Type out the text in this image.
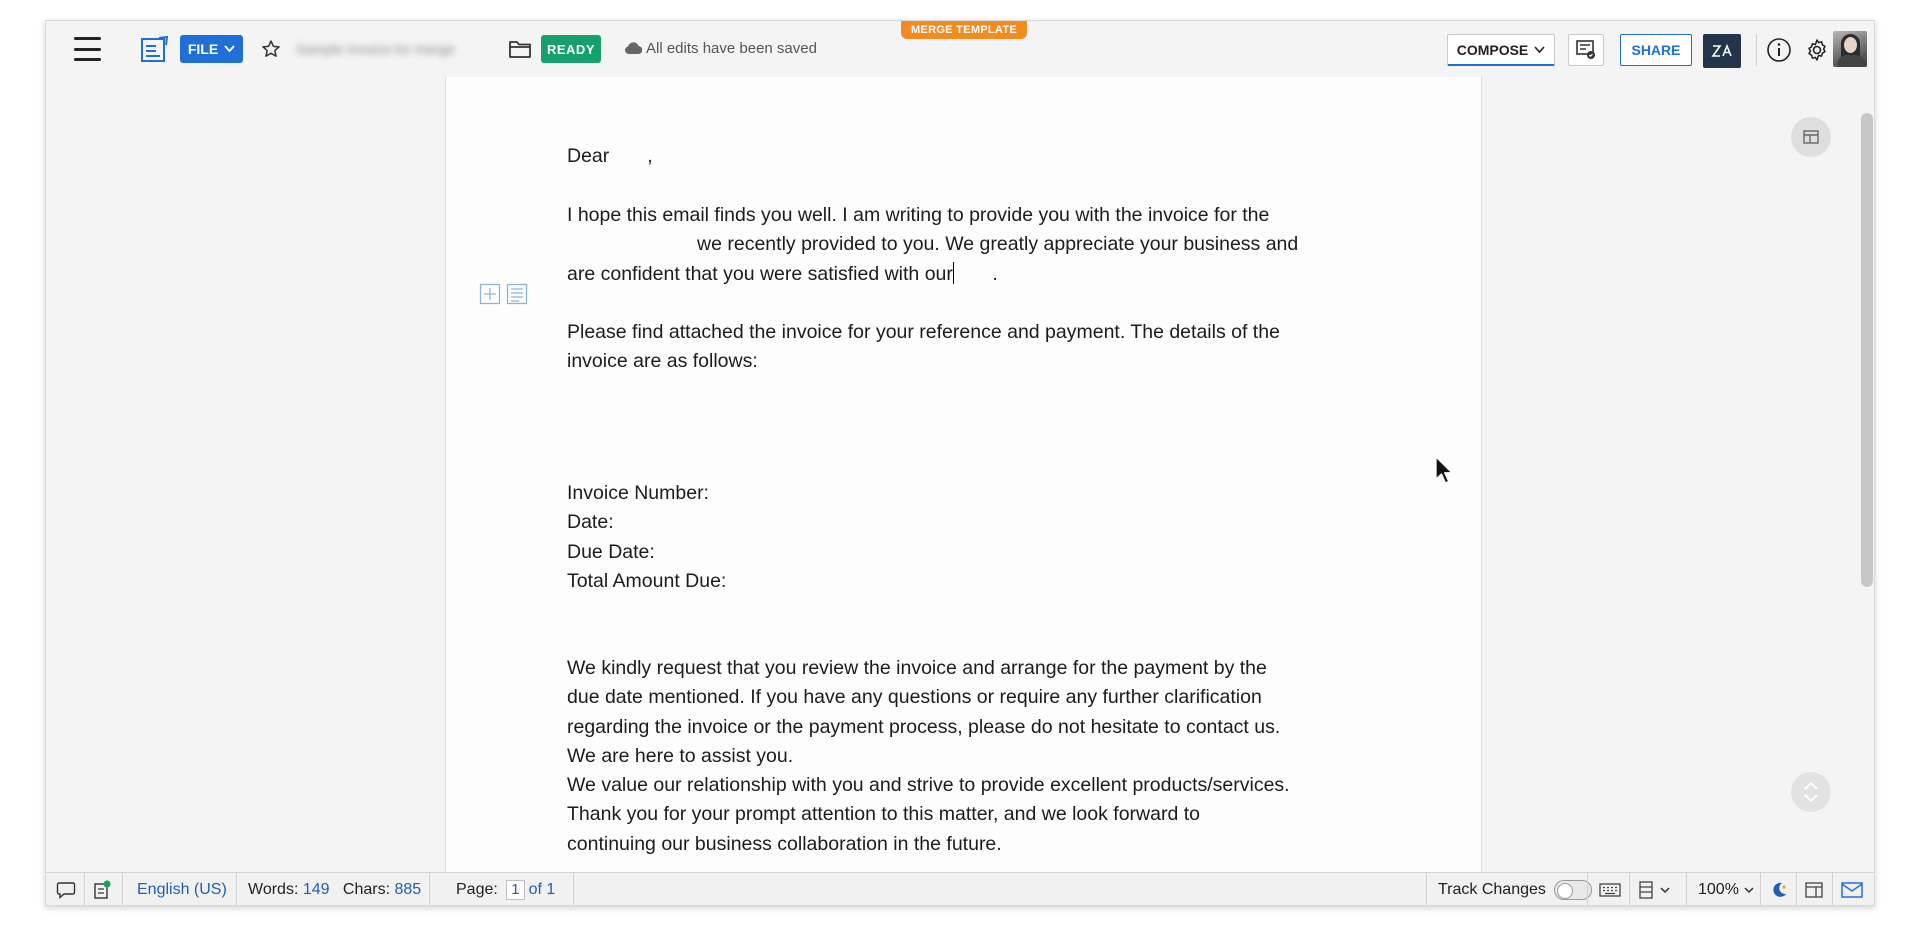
FILE	Sample invoice for merge	READY	All edits have been saved
MERGE TEMPLATE
COMPOSE	SHARE
Dear       ,
I hope this email finds you well. I am writing to provide you with the invoice for the
we recently provided to you. We greatly appreciate your business and
are confident that you were satisfied with our       .
Please find attached the invoice for your reference and payment. The details of the
invoice are as follows:
Invoice Number:
Date:
Due Date:
Total Amount Due:
We kindly request that you review the invoice and arrange for the payment by the
due date mentioned. If you have any questions or require any further clarification
regarding the invoice or the payment process, please do not hesitate to contact us.
We are here to assist you.
We value our relationship with you and strive to provide excellent products/services.
Thank you for your prompt attention to this matter, and we look forward to
continuing our business collaboration in the future.
English (US) Words:
149
Chars:
885 Page:
1 of 1	Track Changes	100%
